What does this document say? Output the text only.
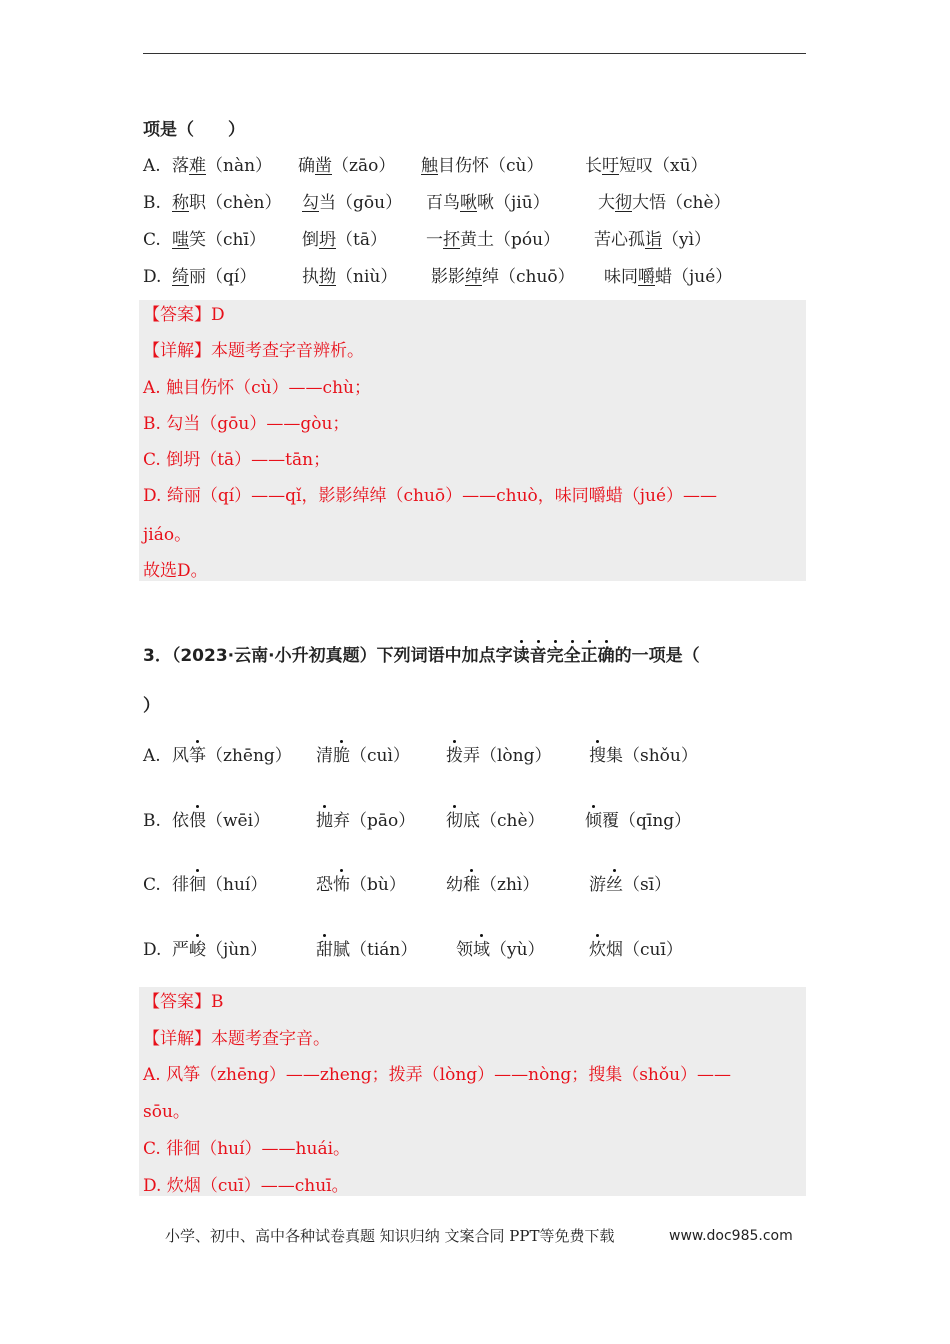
项是（　　）
A. 落难（nàn） 确凿（zāo） 触目伤怀（cù） 长吁短叹（xū）
B. 称职（chèn） 勾当（gōu） 百鸟啾啾（jiū）	大彻大悟（chè）
C. 嗤笑（chī） 倒坍（tā） 一抔黄土（póu） 苦心孤诣（yì）
D. 绮丽（qí）	执拗（niù） 影影绰绰（chuō） 味同嚼蜡（jué）
【答案】D
【详解】本题考查字音辨析。
A. 触目伤怀（cù）——chù；
B. 勾当（gōu）——gòu；
C. 倒坍（tā）——tān；
D. 绮丽（qí）——qǐ，影影绰绰（chuō）——chuò，味同嚼蜡（jué）——
jiáo。
故选D。
3．（2023·云南·小升初真题）下列词语中加点字读音完全正确的一项是（
）
A. 风筝（zhēng） 清脆（cuì） 拨弄（lòng） 搜集（shǒu）
B. 依偎（wēi）	抛弃（pāo） 彻底（chè） 倾覆（qīng）
C. 徘徊（huí）	恐怖（bù） 幼稚（zhì）	游丝（sī）
D. 严峻（jùn）	甜腻（tián） 领域（yù）	炊烟（cuī）
【答案】B
【详解】本题考查字音。
A. 风筝（zhēng）——zheng；拨弄（lòng）——nòng；搜集（shǒu）——
sōu。
C. 徘徊（huí）——huái。
D. 炊烟（cuī）——chuī。
小学、初中、高中各种试卷真题 知识归纳 文案合同 PPT等免费下载	www.doc985.com
